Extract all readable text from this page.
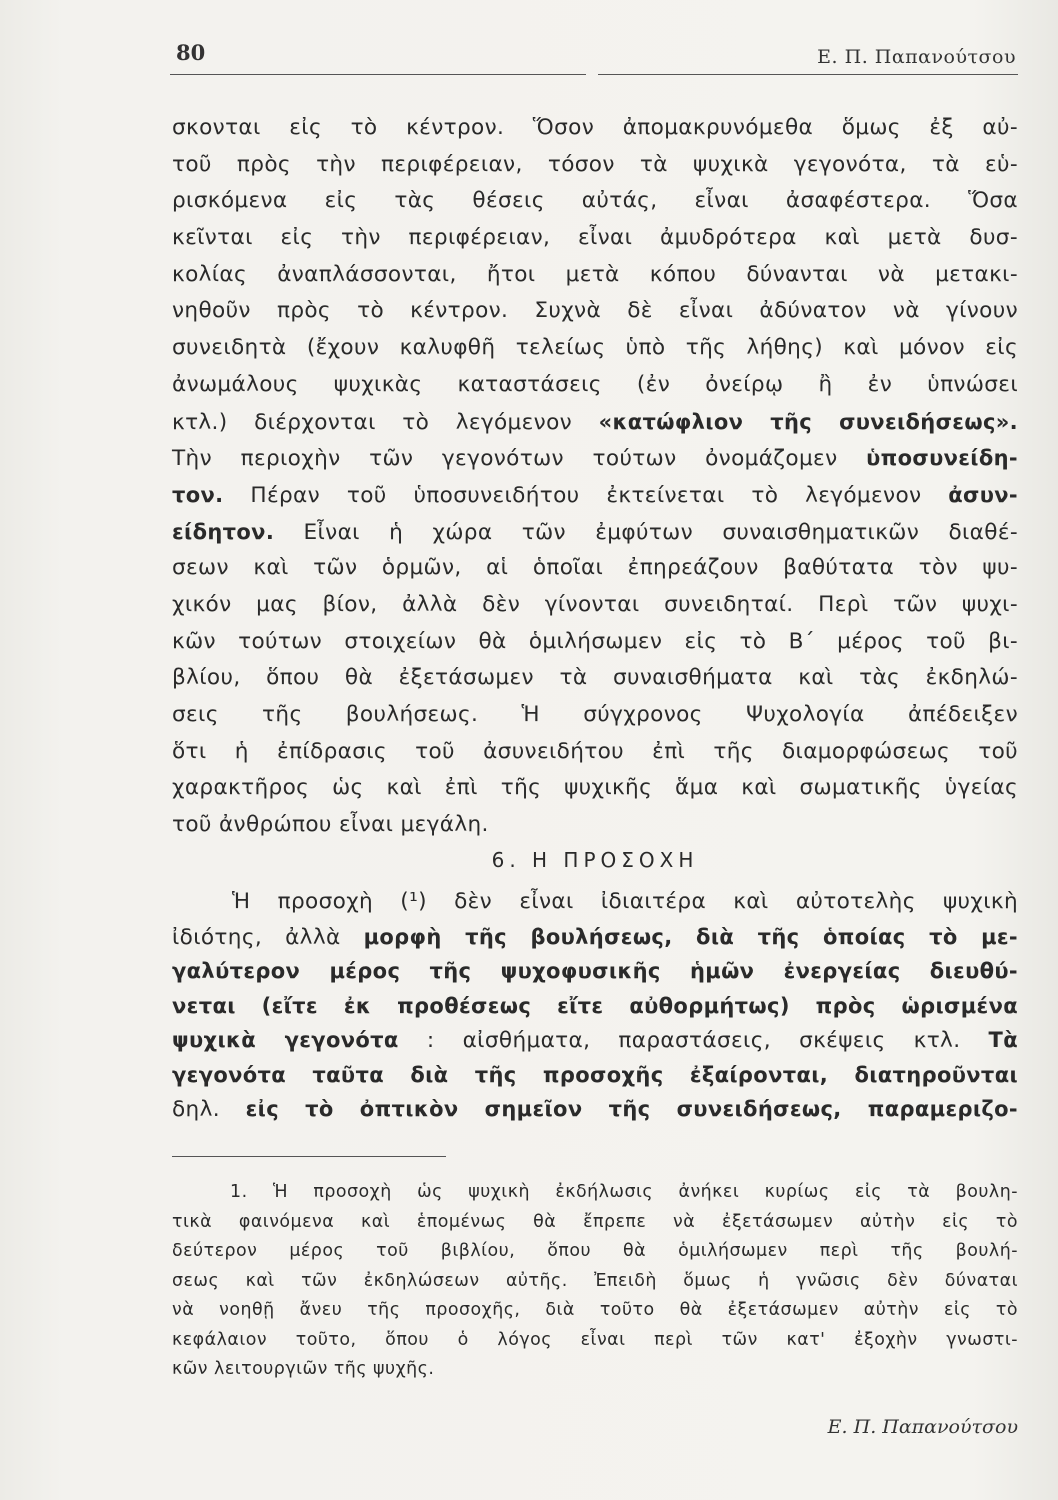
80	Ε. Π. Παπανούτσου
σκονται εἰς τὸ κέντρον. Ὅσον ἀπομακρυνόμεθα ὅμως ἐξ αὐ-
τοῦ πρὸς τὴν περιφέρειαν, τόσον τὰ ψυχικὰ γεγονότα, τὰ εὑ-
ρισκόμενα εἰς τὰς θέσεις αὐτάς, εἶναι ἀσαφέστερα. Ὅσα
κεῖνται εἰς τὴν περιφέρειαν, εἶναι ἀμυδρότερα καὶ μετὰ δυσ-
κολίας ἀναπλάσσονται, ἤτοι μετὰ κόπου δύνανται νὰ μετακι-
νηθοῦν πρὸς τὸ κέντρον. Συχνὰ δὲ εἶναι ἀδύνατον νὰ γίνουν
συνειδητὰ (ἔχουν καλυφθῆ τελείως ὑπὸ τῆς λήθης) καὶ μόνον εἰς
ἀνωμάλους ψυχικὰς καταστάσεις (ἐν ὀνείρῳ ἢ ἐν ὑπνώσει
κτλ.) διέρχονται τὸ λεγόμενον «κατώφλιον τῆς συνειδήσεως».
Τὴν περιοχὴν τῶν γεγονότων τούτων ὀνομάζομεν ὑποσυνείδη-
τον. Πέραν τοῦ ὑποσυνειδήτου ἐκτείνεται τὸ λεγόμενον ἀσυν-
είδητον. Εἶναι ἡ χώρα τῶν ἐμφύτων συναισθηματικῶν διαθέ-
σεων καὶ τῶν ὁρμῶν, αἱ ὁποῖαι ἐπηρεάζουν βαθύτατα τὸν ψυ-
χικόν μας βίον, ἀλλὰ δὲν γίνονται συνειδηταί. Περὶ τῶν ψυχι-
κῶν τούτων στοιχείων θὰ ὁμιλήσωμεν εἰς τὸ Β΄ μέρος τοῦ βι-
βλίου, ὅπου θὰ ἐξετάσωμεν τὰ συναισθήματα καὶ τὰς ἐκδηλώ-
σεις τῆς βουλήσεως. Ἡ σύγχρονος Ψυχολογία ἀπέδειξεν
ὅτι ἡ ἐπίδρασις τοῦ ἀσυνειδήτου ἐπὶ τῆς διαμορφώσεως τοῦ
χαρακτῆρος ὡς καὶ ἐπὶ τῆς ψυχικῆς ἅμα καὶ σωματικῆς ὑγείας
τοῦ ἀνθρώπου εἶναι μεγάλη.
6. Η ΠΡΟΣΟΧΗ
Ἡ προσοχὴ (¹) δὲν εἶναι ἰδιαιτέρα καὶ αὐτοτελὴς ψυχικὴ
ἰδιότης, ἀλλὰ μορφὴ τῆς βουλήσεως, διὰ τῆς ὁποίας τὸ με-
γαλύτερον μέρος τῆς ψυχοφυσικῆς ἡμῶν ἐνεργείας διευθύ-
νεται (εἴτε ἐκ προθέσεως εἴτε αὐθορμήτως) πρὸς ὡρισμένα
ψυχικὰ γεγονότα : αἰσθήματα, παραστάσεις, σκέψεις κτλ. Τὰ
γεγονότα ταῦτα διὰ τῆς προσοχῆς ἐξαίρονται, διατηροῦνται
δηλ. εἰς τὸ ὀπτικὸν σημεῖον τῆς συνειδήσεως, παραμεριζο-
1. Ἡ προσοχὴ ὡς ψυχικὴ ἐκδήλωσις ἀνήκει κυρίως εἰς τὰ βουλη-
τικὰ φαινόμενα καὶ ἑπομένως θὰ ἔπρεπε νὰ ἐξετάσωμεν αὐτὴν εἰς τὸ
δεύτερον μέρος τοῦ βιβλίου, ὅπου θὰ ὁμιλήσωμεν περὶ τῆς βουλή-
σεως καὶ τῶν ἐκδηλώσεων αὐτῆς. Ἐπειδὴ ὅμως ἡ γνῶσις δὲν δύναται
νὰ νοηθῇ ἄνευ τῆς προσοχῆς, διὰ τοῦτο θὰ ἐξετάσωμεν αὐτὴν εἰς τὸ
κεφάλαιον τοῦτο, ὅπου ὁ λόγος εἶναι περὶ τῶν κατ' ἐξοχὴν γνωστι-
κῶν λειτουργιῶν τῆς ψυχῆς.
Ε. Π. Παπανούτσου
